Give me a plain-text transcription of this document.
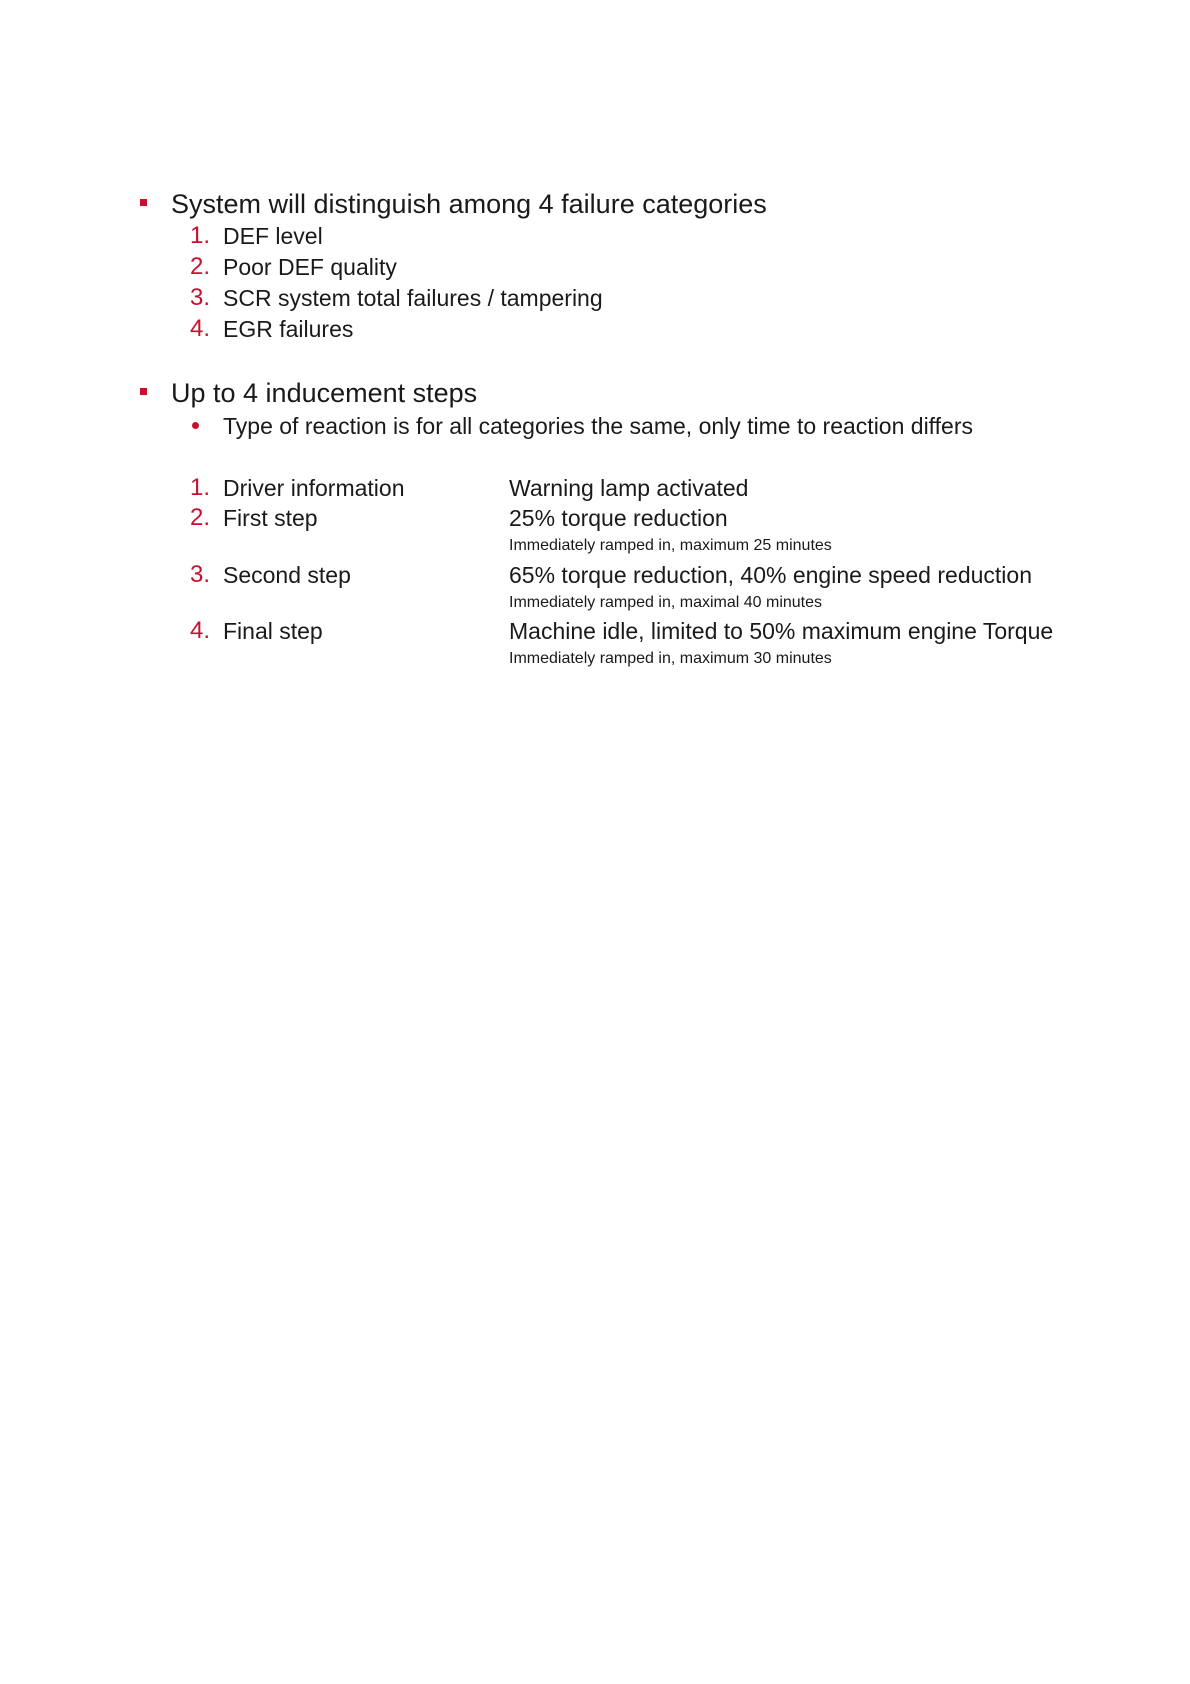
System will distinguish among 4 failure categories
1. DEF level
2. Poor DEF quality
3. SCR system total failures / tampering
4. EGR failures
Up to 4 inducement steps
Type of reaction is for all categories the same, only time to reaction differs
1. Driver information	Warning lamp activated
2. First step	25% torque reduction
Immediately ramped in, maximum 25 minutes
3. Second step	65% torque reduction, 40% engine speed reduction
Immediately ramped in, maximal 40 minutes
4. Final step	Machine idle, limited to 50% maximum engine Torque
Immediately ramped in, maximum 30 minutes
